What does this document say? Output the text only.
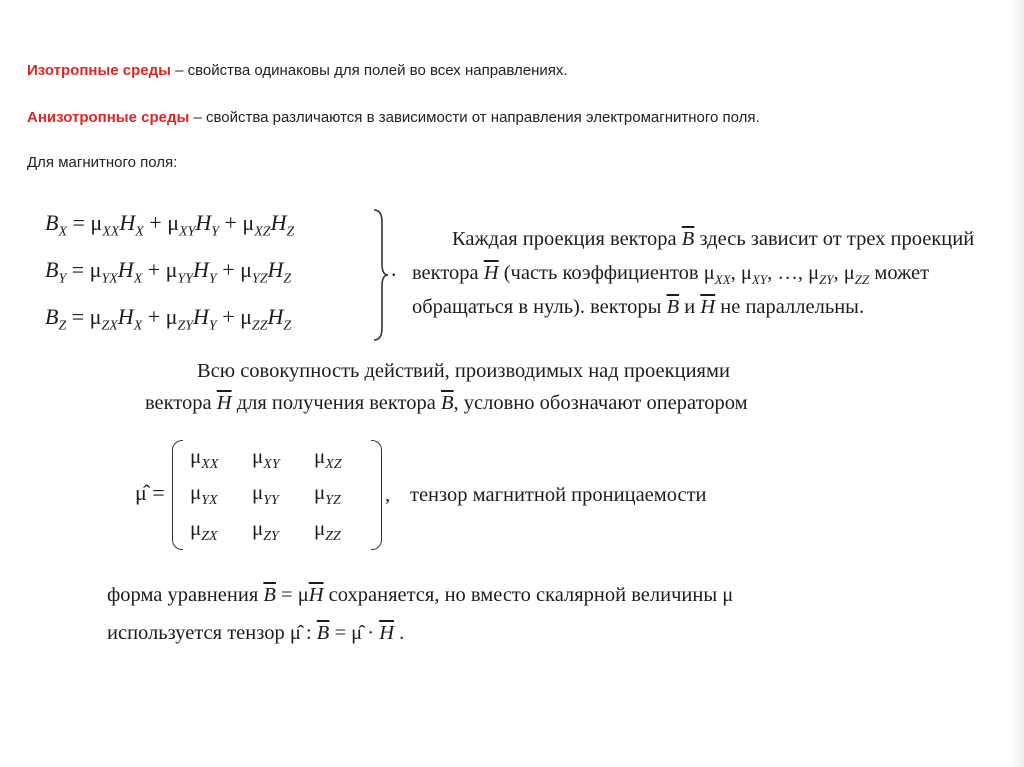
Изотропные среды – свойства одинаковы для полей во всех направлениях.
Анизотропные среды – свойства различаются в зависимости от направления электромагнитного поля.
Для магнитного поля:
$B_X = \mu_{XX}H_X + \mu_{XY}H_Y + \mu_{XZ}H_Z$
$B_Y = \mu_{YX}H_X + \mu_{YY}H_Y + \mu_{YZ}H_Z$
$B_Z = \mu_{ZX}H_X + \mu_{ZY}H_Y + \mu_{ZZ}H_Z$
.
Каждая проекция вектора $\overline{B}$ здесь зависит от трех проекций
вектора $\overline{H}$ (часть коэффициентов $\mu_{XX}$, $\mu_{XY}$, …, $\mu_{ZY}$, $\mu_{ZZ}$ может
обращаться в нуль). векторы $\overline{B}$ и $\overline{H}$ не параллельны.
Всю совокупность действий, производимых над проекциями
вектора $\overline{H}$ для получения вектора $\overline{B}$, условно обозначают оператором
μ̂ =
$\mu_{XX}$	$\mu_{XY}$	$\mu_{XZ}$
$\mu_{YX}$	$\mu_{YY}$	$\mu_{YZ}$
$\mu_{ZX}$	$\mu_{ZY}$	$\mu_{ZZ}$
, тензор магнитной проницаемости
форма уравнения $\overline{B} = \mu\overline{H}$ сохраняется, но вместо скалярной величины μ
используется тензор μ̂ : $\overline{B}$ = μ̂ · $\overline{H}$ .
